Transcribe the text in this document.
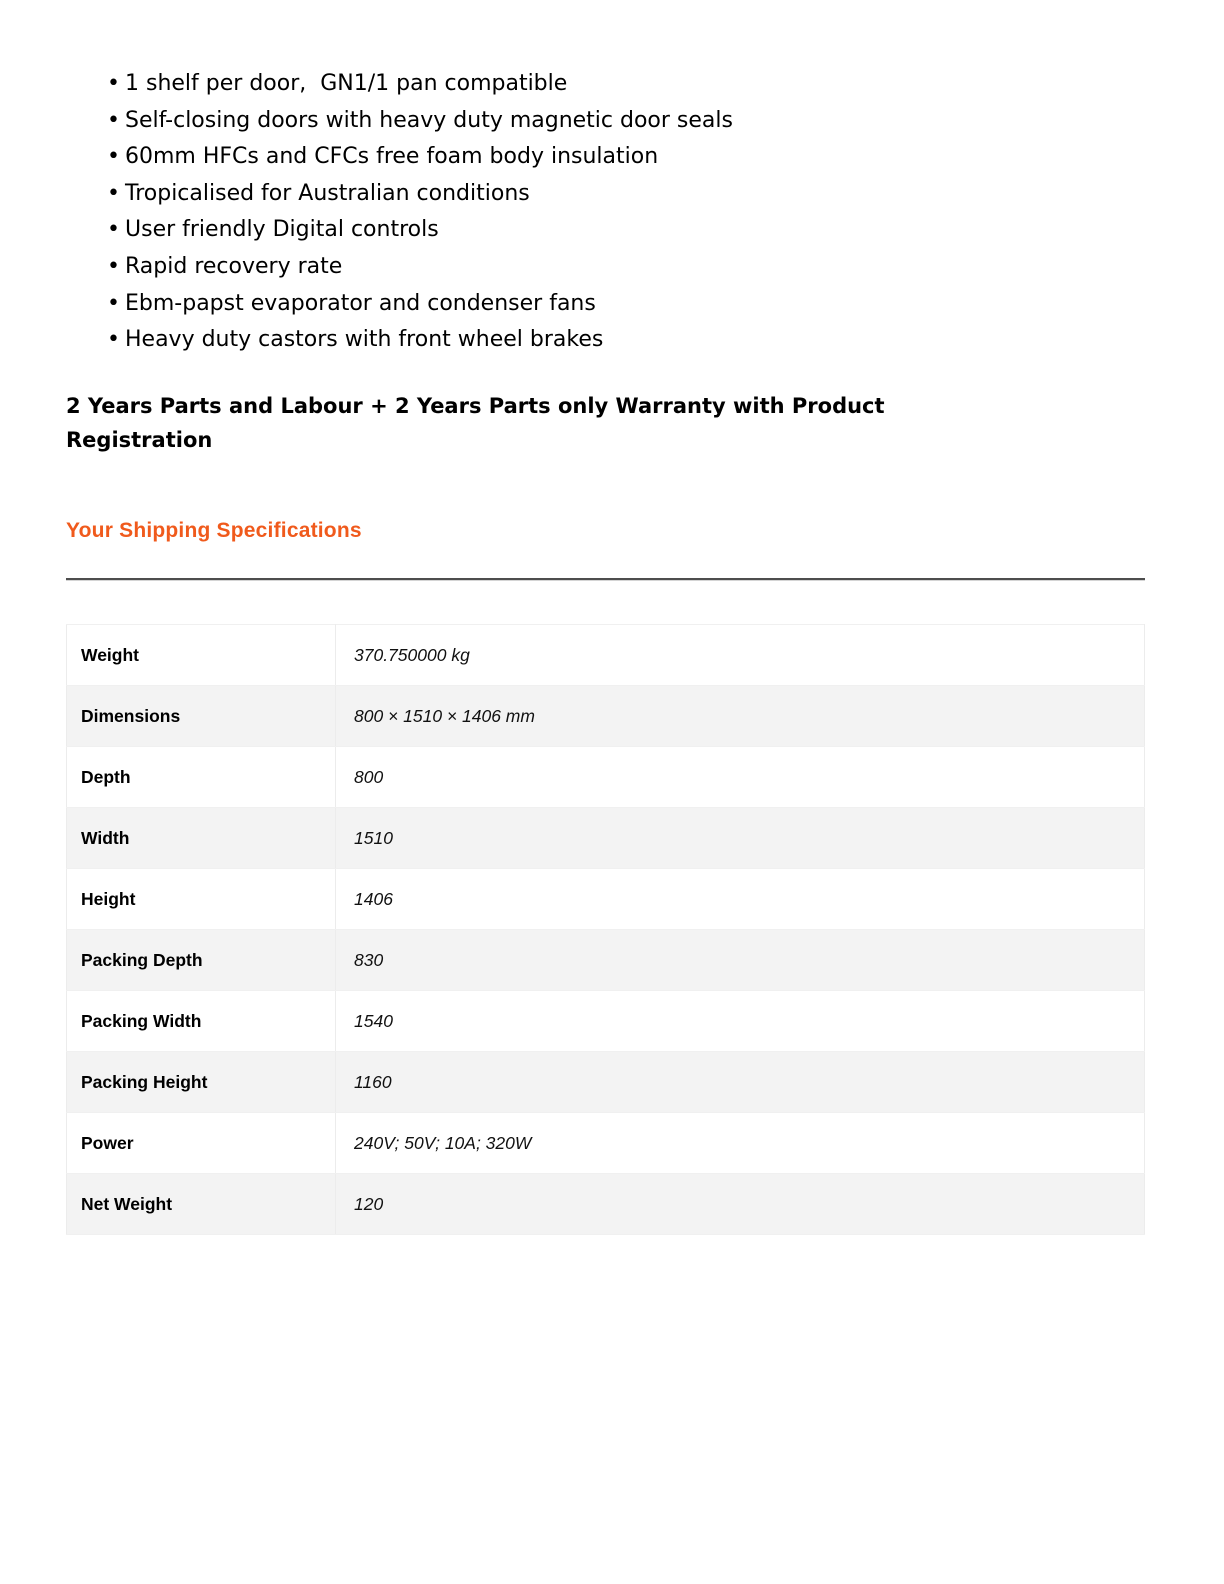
• 1 shelf per door,  GN1/1 pan compatible
• Self-closing doors with heavy duty magnetic door seals
• 60mm HFCs and CFCs free foam body insulation
• Tropicalised for Australian conditions
• User friendly Digital controls
• Rapid recovery rate
• Ebm-papst evaporator and condenser fans
• Heavy duty castors with front wheel brakes

2 Years Parts and Labour + 2 Years Parts only Warranty with Product Registration

Your Shipping Specifications
Weight	370.750000 kg
Dimensions	800 × 1510 × 1406 mm
Depth	800
Width	1510
Height	1406
Packing Depth	830
Packing Width	1540
Packing Height	1160
Power	240V; 50V; 10A; 320W
Net Weight	120
